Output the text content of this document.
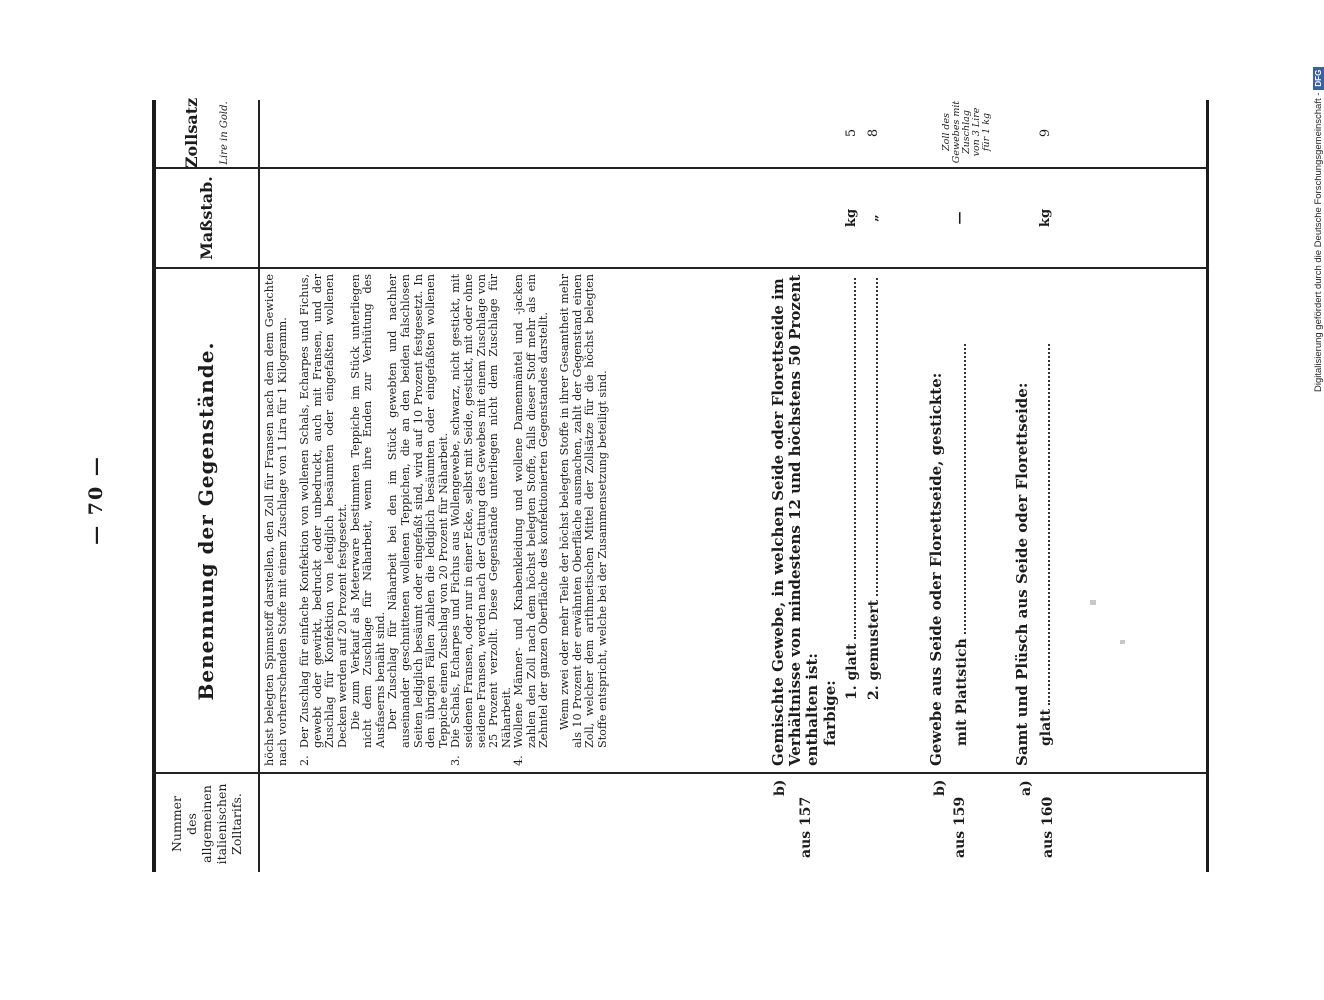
— 70 —
Nummer des allgemeinen italienischen Zolltarifs.
Benennung der Gegenstände.
Maßstab.
Zollsatz Lire in Gold.

höchst belegten Spinnstoff darstellen, den Zoll für Fransen nach dem dem Gewichte nach vorherrschenden Stoffe mit einem Zuschlage von 1 Lira für 1 Kilogramm. 2.

Der Zuschlag für einfache Konfektion von wollenen Schals, Echarpes und Fichus, gewebt oder gewirkt, bedruckt oder unbedruckt, auch mit Fransen, und der Zuschlag für Konfektion von lediglich besäumten oder eingefaßten wollenen Decken werden auf 20 Prozent festgesetzt. Die zum Verkauf als Meterware bestimmten Teppiche im Stück unterliegen nicht dem Zuschlage für Näharbeit, wenn ihre Enden zur Verhütung des Ausfaserns benäht sind. Der Zuschlag für Näharbeit bei den im Stück gewebten und nachher auseinander geschnittenen wollenen Teppichen, die an den beiden falschlosen Seiten lediglich besäumt oder eingefaßt sind, wird auf 10 Prozent festgesetzt. In den übrigen Fällen zahlen die lediglich besäumten oder eingefaßten wollenen Teppiche einen Zuschlag von 20 Prozent für Näharbeit.

3.

Die Schals, Echarpes und Fichus aus Wollengewebe, schwarz, nicht gestickt, mit seidenen Fransen, oder nur in einer Ecke, selbst mit Seide, gestickt, mit oder ohne seidene Fransen, werden nach der Gattung des Gewebes mit einem Zuschlage von 25 Prozent verzollt. Diese Gegenstände unterliegen nicht dem Zuschlage für Näharbeit.

4.

Wollene Männer- und Knabenkleidung und wollene Damenmäntel und -jacken zahlen den Zoll nach dem höchst belegten Stoffe, falls dieser Stoff mehr als ein Zehntel der ganzen Oberfläche des konfektionierten Gegenstandes darstellt. Wenn zwei oder mehr Teile der höchst belegten Stoffe in ihrer Gesamtheit mehr als 10 Prozent der erwähnten Oberfläche ausmachen, zahlt der Gegenstand einen Zoll, welcher dem arithmetischen Mittel der Zollsätze für die höchst belegten Stoffe entspricht, welche bei der Zusammensetzung beteiligt sind.

aus 157
b)
Gemischte Gewebe, in welchen Seide oder Florettseide im Verhältnisse von mindestens 12 und höchstens 50 Prozent enthalten ist: farbige:
1. glatt 2. gemustert
kg „
5 8
aus 159
b)
Gewebe aus Seide oder Florettseide, gestickte: mit Plattstich
—
Zoll des Gewebes mit Zuschlag von 3 Lire für 1 kg
aus 160
a)
Samt und Plüsch aus Seide oder Florettseide: glatt
kg
9	Digitalisierung gefördert durch die Deutsche Forschungsgemeinschaft -
DFG
